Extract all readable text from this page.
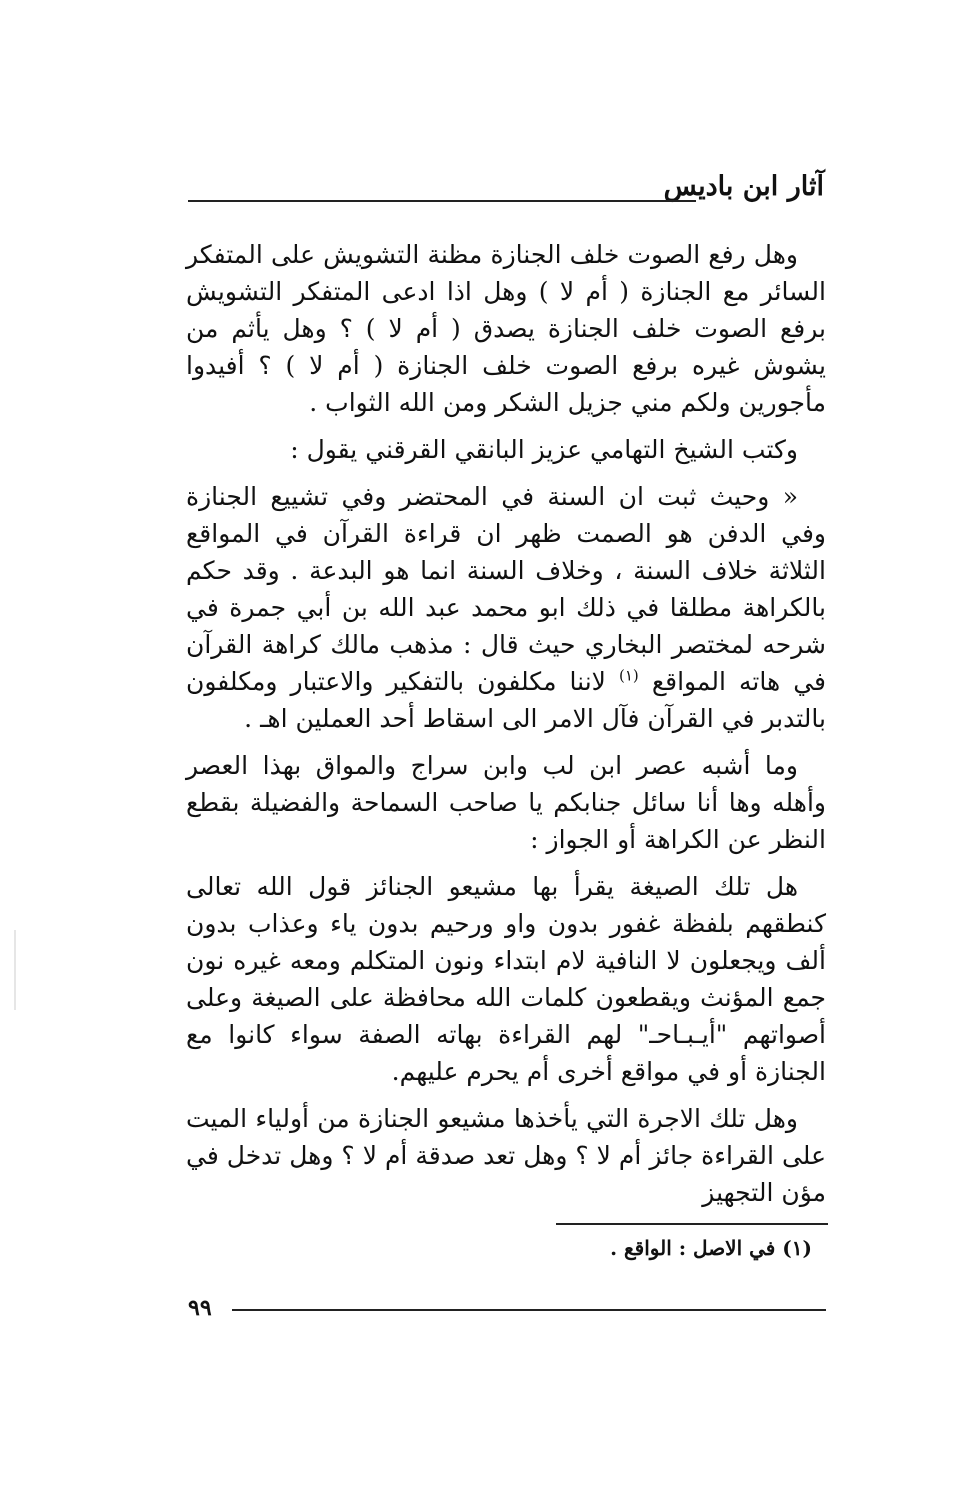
آثار ابن باديس

وهل رفع الصوت خلف الجنازة مظنة التشويش على المتفكر السائر مع الجنازة ( أم لا ) وهل اذا ادعى المتفكر التشويش برفع الصوت خلف الجنازة يصدق ( أم لا ) ؟ وهل يأثم من يشوش غيره برفع الصوت خلف الجنازة ( أم لا ) ؟ أفيدوا مأجورين ولكم مني جزيل الشكر ومن الله الثواب .

وكتب الشيخ التهامي عزيز البانقي القرقني يقول :

« وحيث ثبت ان السنة في المحتضر وفي تشييع الجنازة وفي الدفن هو الصمت ظهر ان قراءة القرآن في المواقع الثلاثة خلاف السنة ، وخلاف السنة انما هو البدعة . وقد حكم بالكراهة مطلقا في ذلك ابو محمد عبد الله بن أبي جمرة في شرحه لمختصر البخاري حيث قال : مذهب مالك كراهة القرآن في هاته المواقع $^{(١)}$ لاننا مكلفون بالتفكير والاعتبار ومكلفون بالتدبر في القرآن فآل الامر الى اسقاط أحد العملين اهـ .

وما أشبه عصر ابن لب وابن سراج والمواق بهذا العصر وأهله وها أنا سائل جنابكم يا صاحب السماحة والفضيلة بقطع النظر عن الكراهة أو الجواز :

هل تلك الصيغة يقرأ بها مشيعو الجنائز قول الله تعالى كنطقهم بلفظة غفور بدون واو ورحيم بدون ياء وعذاب بدون ألف ويجعلون لا النافية لام ابتداء ونون المتكلم ومعه غيره نون جمع المؤنث ويقطعون كلمات الله محافظة على الصيغة وعلى أصواتهم "أيـبـاحـ" لهم القراءة بهاته الصفة سواء كانوا مع الجنازة أو في مواقع أخرى أم يحرم عليهم.

وهل تلك الاجرة التي يأخذها مشيعو الجنازة من أولياء الميت على القراءة جائز أم لا ؟ وهل تعد صدقة أم لا ؟ وهل تدخل في مؤن التجهيز

(١) في الاصل : الواقع .
٩٩
